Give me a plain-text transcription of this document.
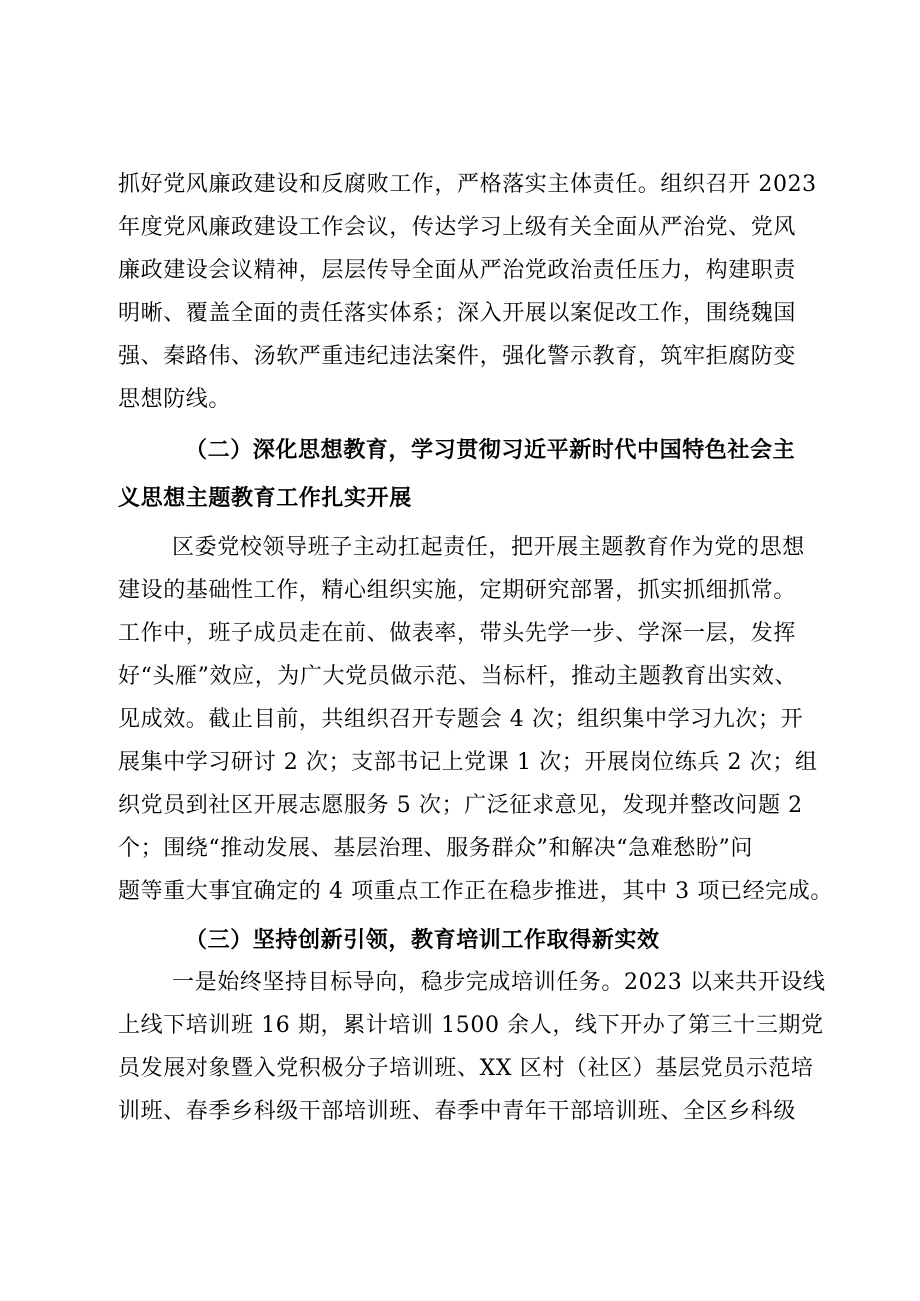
抓好党风廉政建设和反腐败工作，严格落实主体责任。组织召开 2023
年度党风廉政建设工作会议，传达学习上级有关全面从严治党、党风
廉政建设会议精神，层层传导全面从严治党政治责任压力，构建职责
明晰、覆盖全面的责任落实体系；深入开展以案促改工作，围绕魏国
强、秦路伟、汤软严重违纪违法案件，强化警示教育，筑牢拒腐防变
思想防线。
（二）深化思想教育，学习贯彻习近平新时代中国特色社会主
义思想主题教育工作扎实开展
区委党校领导班子主动扛起责任，把开展主题教育作为党的思想
建设的基础性工作，精心组织实施，定期研究部署，抓实抓细抓常。
工作中，班子成员走在前、做表率，带头先学一步、学深一层，发挥
好“头雁”效应，为广大党员做示范、当标杆，推动主题教育出实效、
见成效。截止目前，共组织召开专题会 4 次；组织集中学习九次；开
展集中学习研讨 2 次；支部书记上党课 1 次；开展岗位练兵 2 次；组
织党员到社区开展志愿服务 5 次；广泛征求意见，发现并整改问题 2
个；围绕“推动发展、基层治理、服务群众”和解决“急难愁盼”问
题等重大事宜确定的 4 项重点工作正在稳步推进，其中 3 项已经完成。
（三）坚持创新引领，教育培训工作取得新实效
一是始终坚持目标导向，稳步完成培训任务。2023 以来共开设线
上线下培训班 16 期，累计培训 1500 余人，线下开办了第三十三期党
员发展对象暨入党积极分子培训班、XX 区村（社区）基层党员示范培
训班、春季乡科级干部培训班、春季中青年干部培训班、全区乡科级
